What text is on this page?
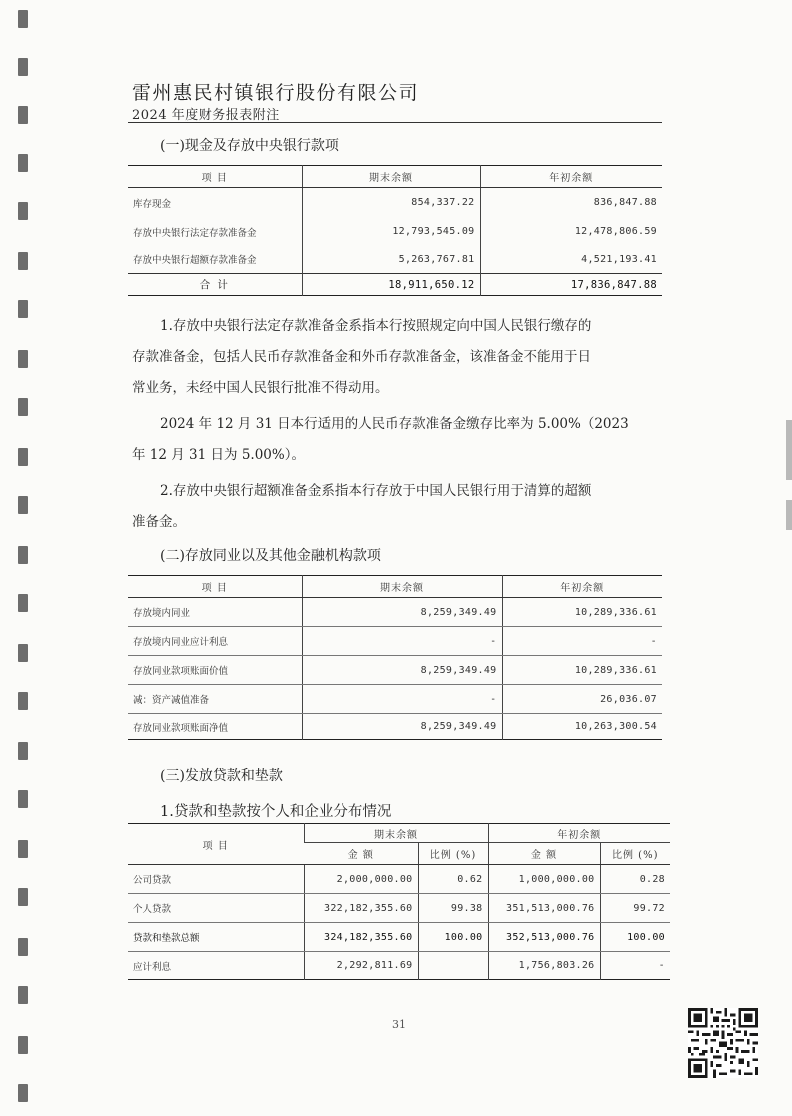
雷州惠民村镇银行股份有限公司
2024 年度财务报表附注
(一)现金及存放中央银行款项
项 目	期末余额	年初余额
库存现金	854,337.22	836,847.88
存放中央银行法定存款准备金	12,793,545.09	12,478,806.59
存放中央银行超额存款准备金	5,263,767.81	4,521,193.41
合 计	18,911,650.12	17,836,847.88
1.存放中央银行法定存款准备金系指本行按照规定向中国人民银行缴存的
存款准备金，包括人民币存款准备金和外币存款准备金，该准备金不能用于日
常业务，未经中国人民银行批准不得动用。
2024 年 12 月 31 日本行适用的人民币存款准备金缴存比率为 5.00%（2023
年 12 月 31 日为 5.00%）。
2.存放中央银行超额准备金系指本行存放于中国人民银行用于清算的超额
准备金。
(二)存放同业以及其他金融机构款项
项 目	期末余额	年初余额
存放境内同业	8,259,349.49	10,289,336.61
存放境内同业应计利息	-	-
存放同业款项账面价值	8,259,349.49	10,289,336.61
减：资产减值准备	-	26,036.07
存放同业款项账面净值	8,259,349.49	10,263,300.54
(三)发放贷款和垫款
1.贷款和垫款按个人和企业分布情况
项 目	期末余额		年初余额	
	金 额	比例 (%)	金 额	比例 (%)
公司贷款	2,000,000.00	0.62	1,000,000.00	0.28
个人贷款	322,182,355.60	99.38	351,513,000.76	99.72
贷款和垫款总额	324,182,355.60	100.00	352,513,000.76	100.00
应计利息	2,292,811.69		1,756,803.26	-
31
